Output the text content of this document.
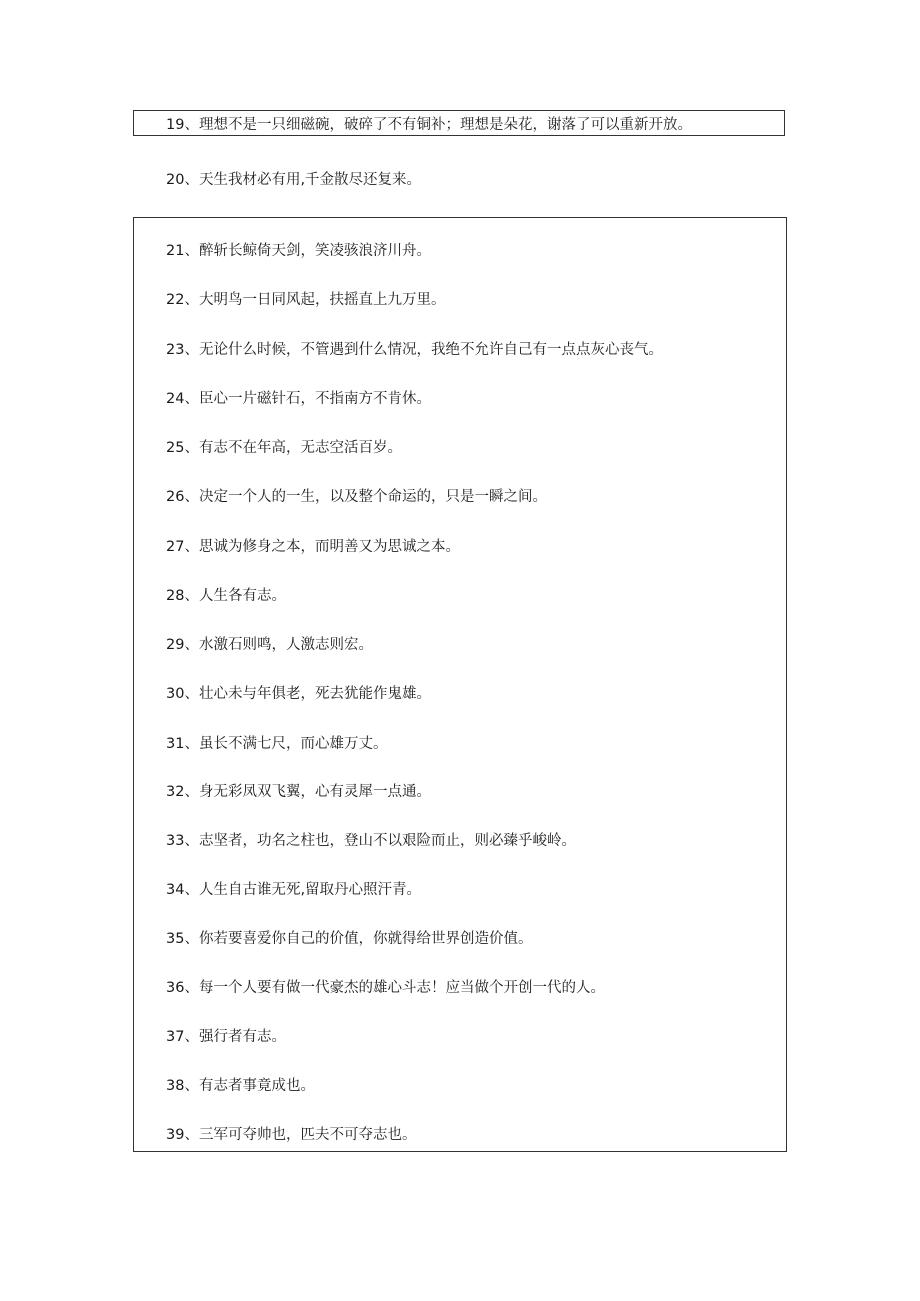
19、理想不是一只细磁碗，破碎了不有铜补；理想是朵花，谢落了可以重新开放。
20、天生我材必有用,千金散尽还复来。
21、醉斩长鲸倚天剑，笑凌骇浪济川舟。
22、大明鸟一日同风起，扶摇直上九万里。
23、无论什么时候，不管遇到什么情况，我绝不允许自己有一点点灰心丧气。
24、臣心一片磁针石，不指南方不肯休。
25、有志不在年高，无志空活百岁。
26、决定一个人的一生，以及整个命运的，只是一瞬之间。
27、思诚为修身之本，而明善又为思诚之本。
28、人生各有志。
29、水激石则鸣，人激志则宏。
30、壮心未与年俱老，死去犹能作鬼雄。
31、虽长不满七尺，而心雄万丈。
32、身无彩凤双飞翼，心有灵犀一点通。
33、志坚者，功名之柱也，登山不以艰险而止，则必臻乎峻岭。
34、人生自古谁无死,留取丹心照汗青。
35、你若要喜爱你自己的价值，你就得给世界创造价值。
36、每一个人要有做一代豪杰的雄心斗志！应当做个开创一代的人。
37、强行者有志。
38、有志者事竟成也。
39、三军可夺帅也，匹夫不可夺志也。
